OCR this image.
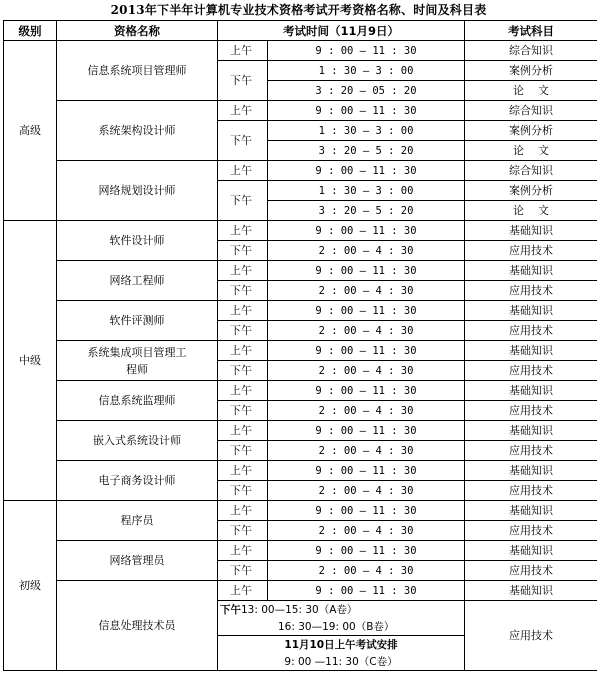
2013年下半年计算机专业技术资格考试开考资格名称、时间及科目表
级别	资格名称	考试时间（11月9日）		考试科目
高级	信息系统项目管理师	上午	9 : 00 — 11 : 30	综合知识
		下午	1 : 30 — 3 : 00	案例分析
			3 : 20 — 05 : 20	论    文
	系统架构设计师	上午	9 : 00 — 11 : 30	综合知识
		下午	1 : 30 — 3 : 00	案例分析
			3 : 20 — 5 : 20	论    文
	网络规划设计师	上午	9 : 00 — 11 : 30	综合知识
		下午	1 : 30 — 3 : 00	案例分析
			3 : 20 — 5 : 20	论    文
中级	软件设计师	上午	9 : 00 — 11 : 30	基础知识
		下午	2 : 00 — 4 : 30	应用技术
	网络工程师	上午	9 : 00 — 11 : 30	基础知识
		下午	2 : 00 — 4 : 30	应用技术
	软件评测师	上午	9 : 00 — 11 : 30	基础知识
		下午	2 : 00 — 4 : 30	应用技术
	系统集成项目管理工程师	上午	9 : 00 — 11 : 30	基础知识
		下午	2 : 00 — 4 : 30	应用技术
	信息系统监理师	上午	9 : 00 — 11 : 30	基础知识
		下午	2 : 00 — 4 : 30	应用技术
	嵌入式系统设计师	上午	9 : 00 — 11 : 30	基础知识
		下午	2 : 00 — 4 : 30	应用技术
	电子商务设计师	上午	9 : 00 — 11 : 30	基础知识
		下午	2 : 00 — 4 : 30	应用技术
初级	程序员	上午	9 : 00 — 11 : 30	基础知识
		下午	2 : 00 — 4 : 30	应用技术
	网络管理员	上午	9 : 00 — 11 : 30	基础知识
		下午	2 : 00 — 4 : 30	应用技术
	信息处理技术员	上午	9 : 00 — 11 : 30	基础知识
		下午13: 00—15: 30（A卷）		应用技术
		16: 30—19: 00（B卷）		
		11月10日上午考试安排		
		9: 00 —11: 30（C卷）		
